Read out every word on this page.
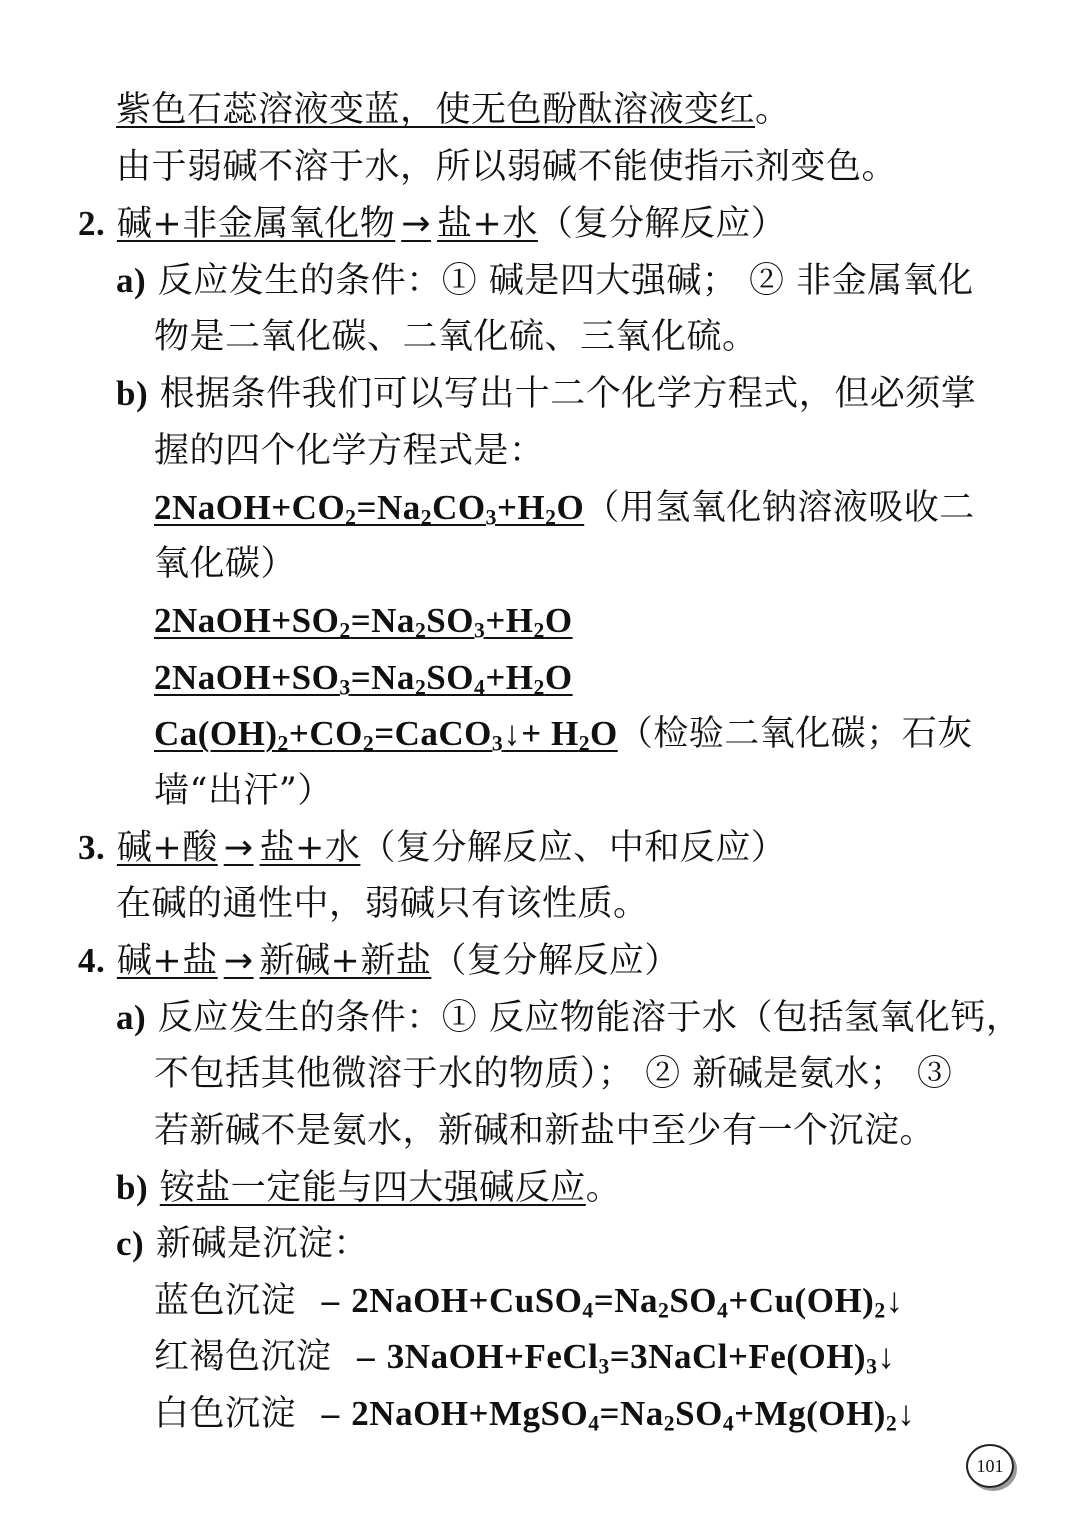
紫色石蕊溶液变蓝，使无色酚酞溶液变红。
由于弱碱不溶于水，所以弱碱不能使指示剂变色。
2. 碱+非金属氧化物 → 盐+水（复分解反应）
a) 反应发生的条件：① 碱是四大强碱； ② 非金属氧化
物是二氧化碳、二氧化硫、三氧化硫。
b) 根据条件我们可以写出十二个化学方程式，但必须掌
握的四个化学方程式是：
$2NaOH+CO_2=Na_2CO_3+H_2O$（用氢氧化钠溶液吸收二
氧化碳）
$2NaOH+SO_2=Na_2SO_3+H_2O$
$2NaOH+SO_3=Na_2SO_4+H_2O$
$Ca(OH)_2+CO_2=CaCO_3↓+ H_2O$（检验二氧化碳；石灰
墙“出汗”）
3. 碱+酸 → 盐+水（复分解反应、中和反应）
在碱的通性中，弱碱只有该性质。
4. 碱+盐 → 新碱+新盐（复分解反应）
a) 反应发生的条件：① 反应物能溶于水（包括氢氧化钙，
不包括其他微溶于水的物质）； ② 新碱是氨水； ③
若新碱不是氨水，新碱和新盐中至少有一个沉淀。
b) 铵盐一定能与四大强碱反应。
c) 新碱是沉淀：
蓝色沉淀 – $2NaOH+CuSO_4=Na_2SO_4+Cu(OH)_2↓$
红褐色沉淀 – $3NaOH+FeCl_3=3NaCl+Fe(OH)_3↓$
白色沉淀 – $2NaOH+MgSO_4=Na_2SO_4+Mg(OH)_2↓$
101
